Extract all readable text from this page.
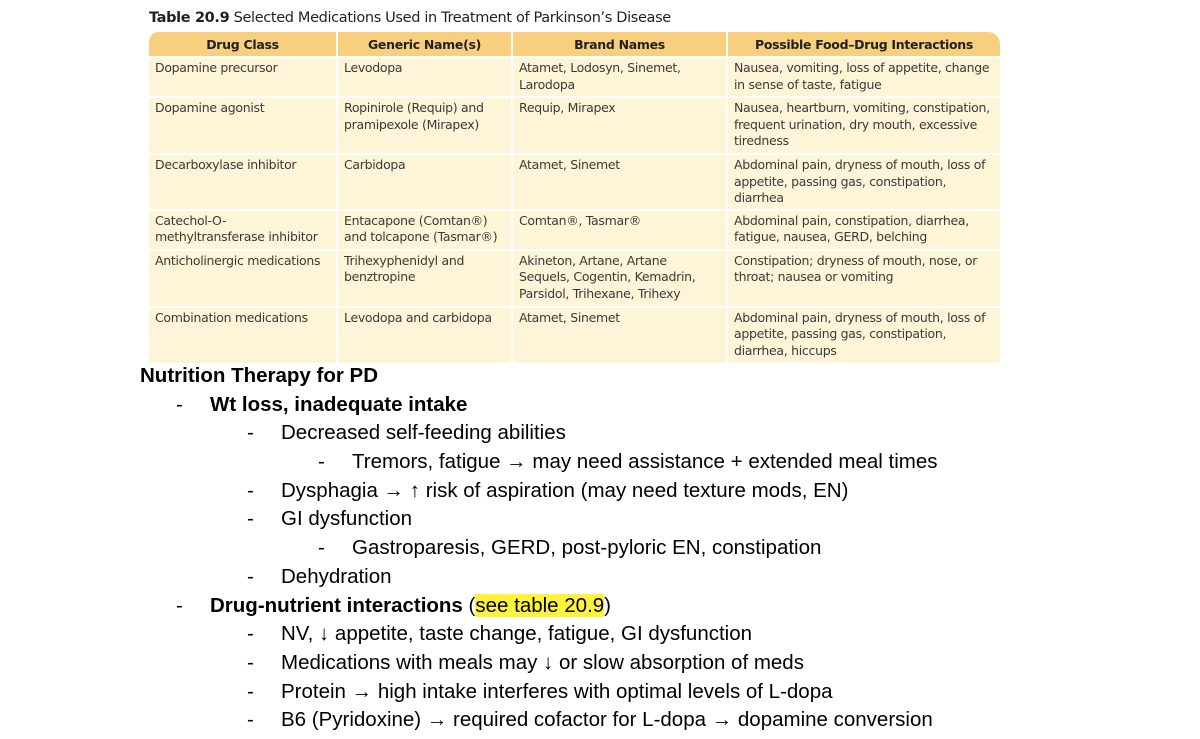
Table 20.9 Selected Medications Used in Treatment of Parkinson’s Disease
Drug Class	Generic Name(s)	Brand Names	Possible Food–Drug Interactions
Dopamine precursor	Levodopa	Atamet, Lodosyn, Sinemet, Larodopa	Nausea, vomiting, loss of appetite, change in sense of taste, fatigue
Dopamine agonist	Ropinirole (Requip) and pramipexole (Mirapex)	Requip, Mirapex	Nausea, heartburn, vomiting, constipation, frequent urination, dry mouth, excessive tiredness
Decarboxylase inhibitor	Carbidopa	Atamet, Sinemet	Abdominal pain, dryness of mouth, loss of appetite, passing gas, constipation, diarrhea
Catechol-O-methyltransferase inhibitor	Entacapone (Comtan®) and tolcapone (Tasmar®)	Comtan®, Tasmar®	Abdominal pain, constipation, diarrhea, fatigue, nausea, GERD, belching
Anticholinergic medications	Trihexyphenidyl and benztropine	Akineton, Artane, Artane Sequels, Cogentin, Kemadrin, Parsidol, Trihexane, Trihexy	Constipation; dryness of mouth, nose, or throat; nausea or vomiting
Combination medications	Levodopa and carbidopa	Atamet, Sinemet	Abdominal pain, dryness of mouth, loss of appetite, passing gas, constipation, diarrhea, hiccups
Nutrition Therapy for PD
- Wt loss, inadequate intake
- Decreased self-feeding abilities
- Tremors, fatigue → may need assistance + extended meal times
- Dysphagia → ↑ risk of aspiration (may need texture mods, EN)
- GI dysfunction
- Gastroparesis, GERD, post-pyloric EN, constipation
- Dehydration
- Drug-nutrient interactions (see table 20.9)
- NV, ↓ appetite, taste change, fatigue, GI dysfunction
- Medications with meals may ↓ or slow absorption of meds
- Protein → high intake interferes with optimal levels of L-dopa
- B6 (Pyridoxine) → required cofactor for L-dopa → dopamine conversion
